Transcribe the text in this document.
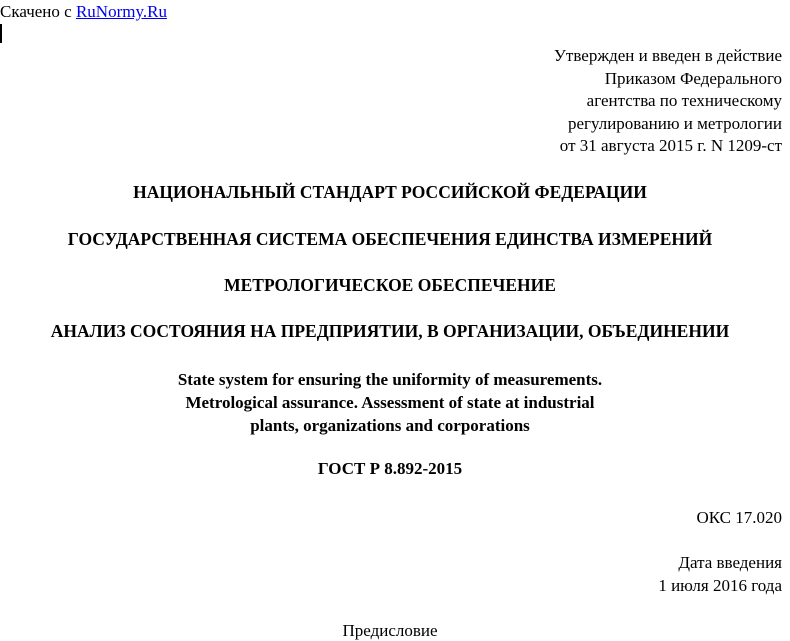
Скачено с RuNormy.Ru
Утвержден и введен в действие
Приказом Федерального
агентства по техническому
регулированию и метрологии
от 31 августа 2015 г. N 1209-ст
НАЦИОНАЛЬНЫЙ СТАНДАРТ РОССИЙСКОЙ ФЕДЕРАЦИИ
ГОСУДАРСТВЕННАЯ СИСТЕМА ОБЕСПЕЧЕНИЯ ЕДИНСТВА ИЗМЕРЕНИЙ
МЕТРОЛОГИЧЕСКОЕ ОБЕСПЕЧЕНИЕ
АНАЛИЗ СОСТОЯНИЯ НА ПРЕДПРИЯТИИ, В ОРГАНИЗАЦИИ, ОБЪЕДИНЕНИИ
State system for ensuring the uniformity of measurements.
Metrological assurance. Assessment of state at industrial
plants, organizations and corporations
ГОСТ Р 8.892-2015
ОКС 17.020
Дата введения
1 июля 2016 года
Предисловие
